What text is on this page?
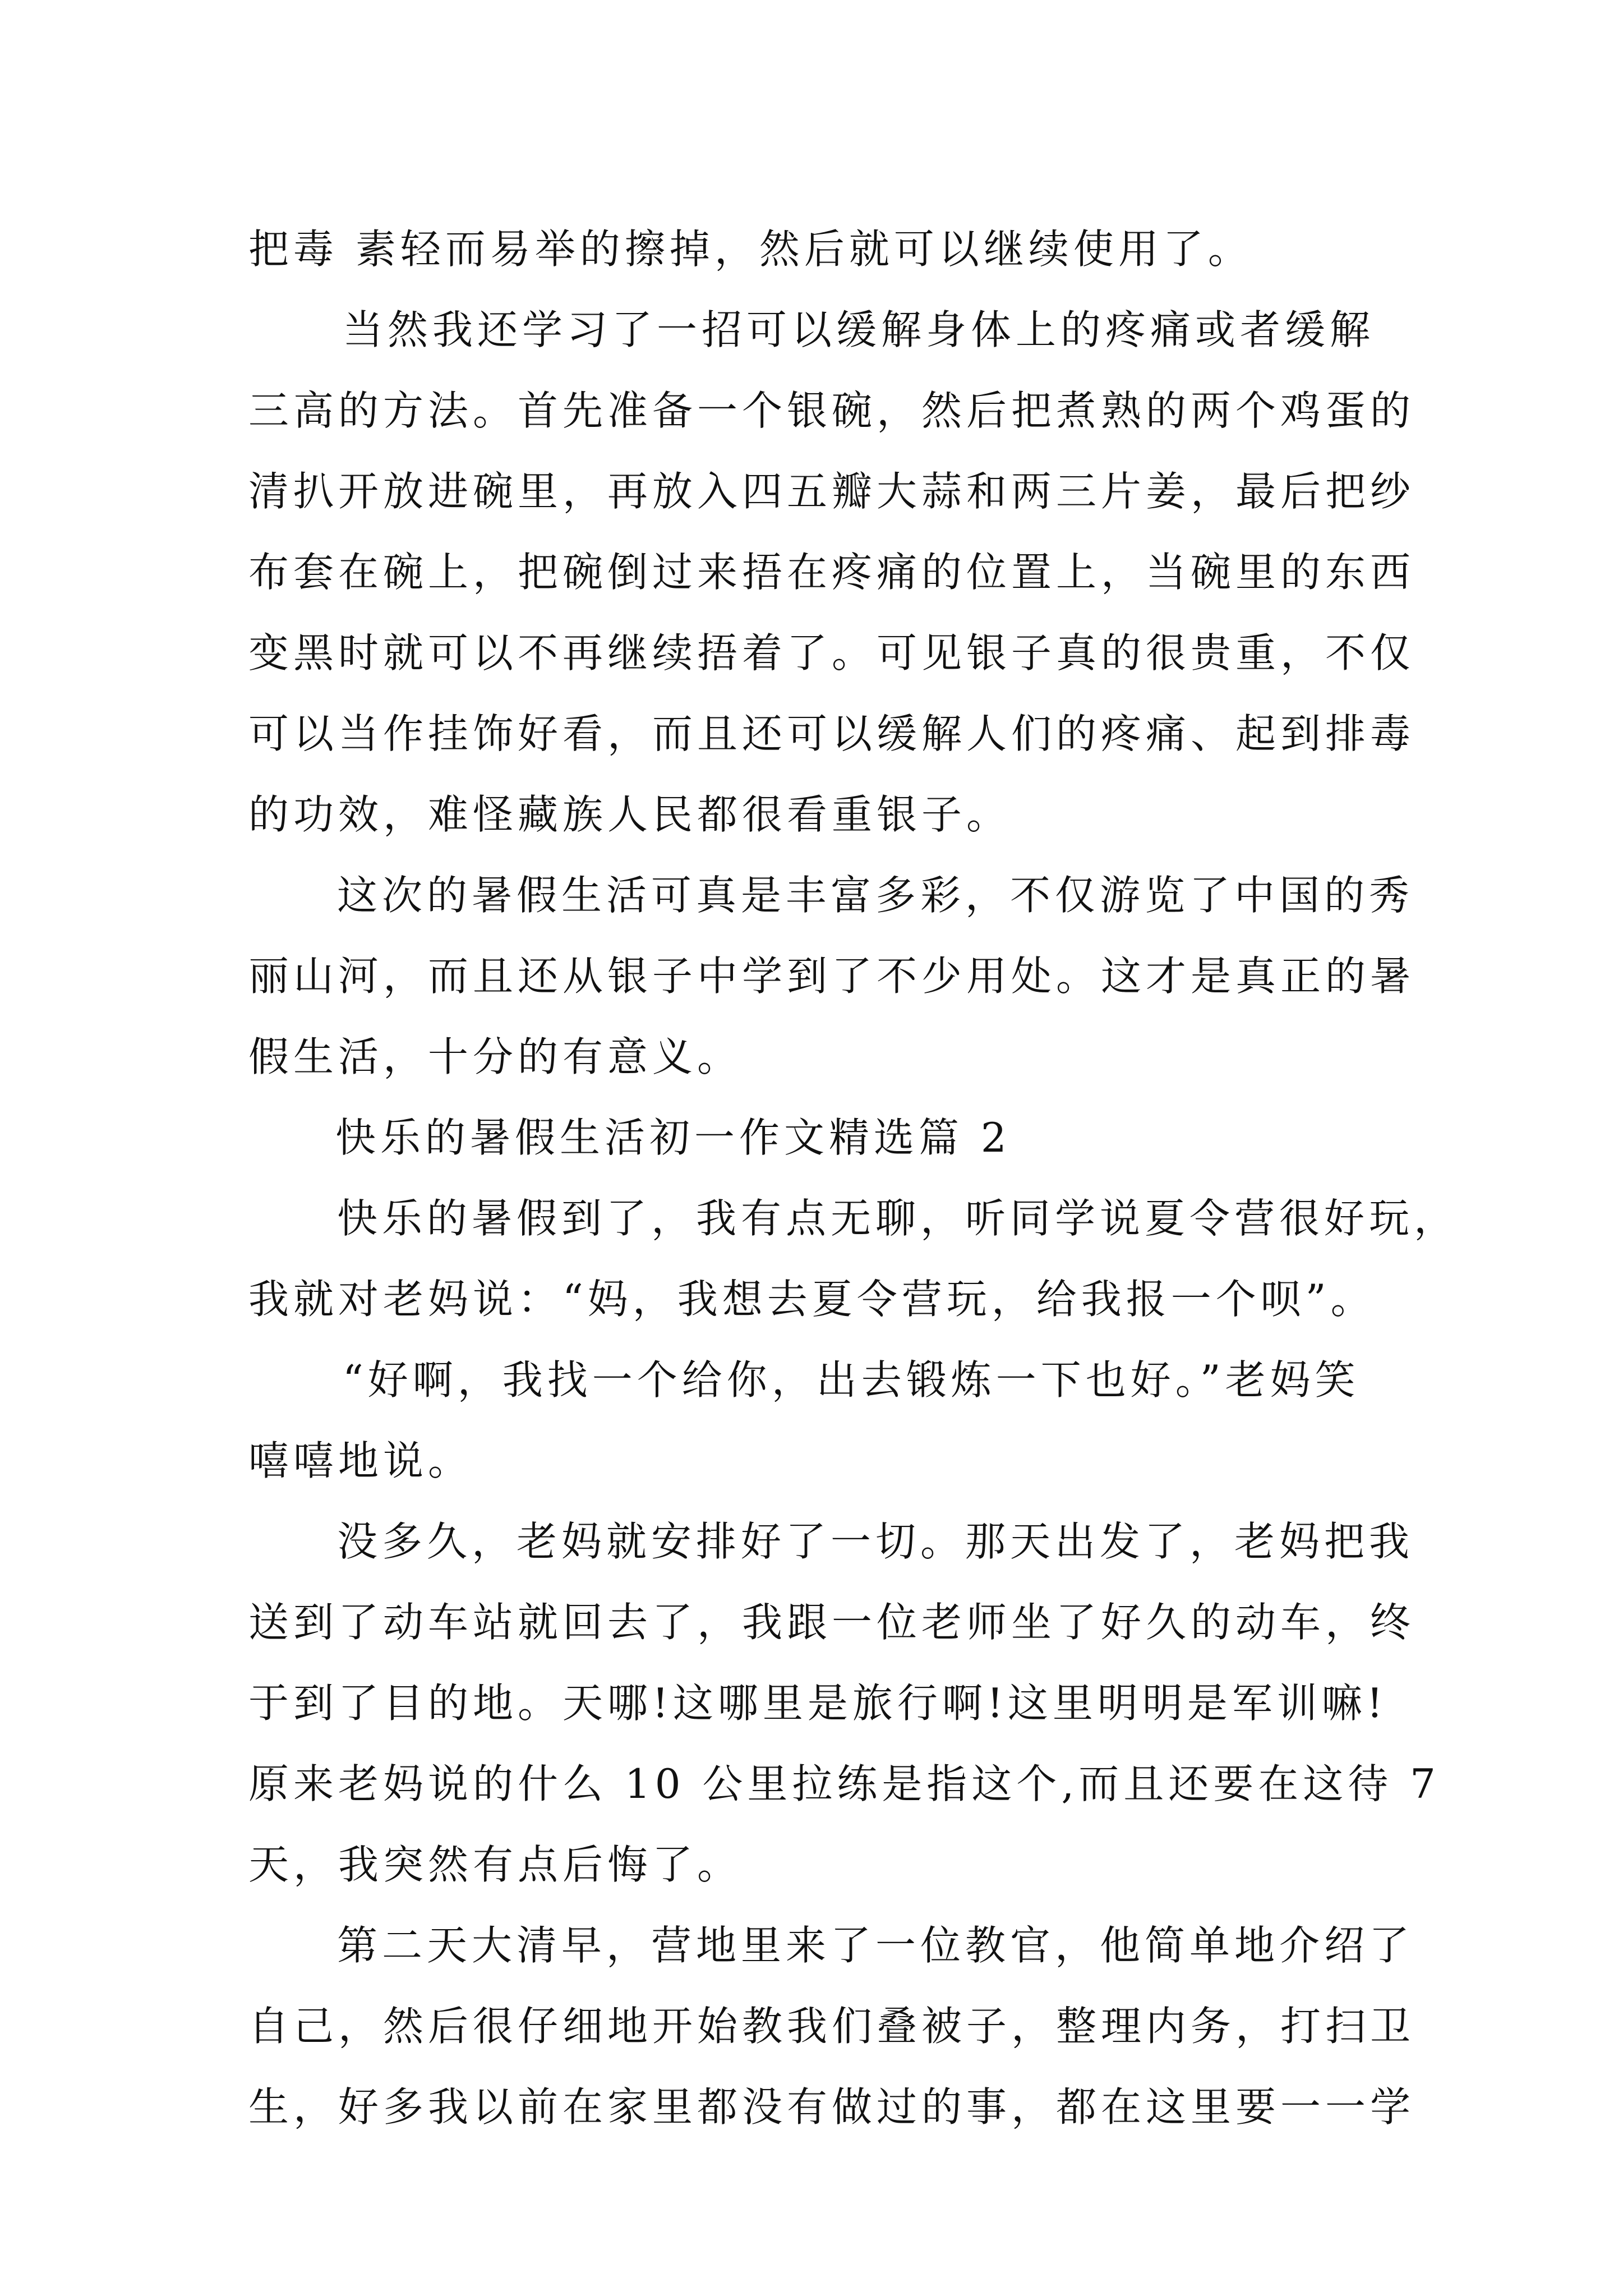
把毒 素轻而易举的擦掉，然后就可以继续使用了。
当然我还学习了一招可以缓解身体上的疼痛或者缓解
三高的方法。首先准备一个银碗，然后把煮熟的两个鸡蛋的
清扒开放进碗里，再放入四五瓣大蒜和两三片姜，最后把纱
布套在碗上，把碗倒过来捂在疼痛的位置上，当碗里的东西
变黑时就可以不再继续捂着了。可见银子真的很贵重，不仅
可以当作挂饰好看，而且还可以缓解人们的疼痛、起到排毒
的功效，难怪藏族人民都很看重银子。
这次的暑假生活可真是丰富多彩，不仅游览了中国的秀
丽山河，而且还从银子中学到了不少用处。这才是真正的暑
假生活，十分的有意义。
快乐的暑假生活初一作文精选篇 2
快乐的暑假到了，我有点无聊，听同学说夏令营很好玩，
我就对老妈说：“妈，我想去夏令营玩，给我报一个呗”。
“好啊，我找一个给你，出去锻炼一下也好。”老妈笑
嘻嘻地说。
没多久，老妈就安排好了一切。那天出发了，老妈把我
送到了动车站就回去了，我跟一位老师坐了好久的动车，终
于到了目的地。天哪!这哪里是旅行啊!这里明明是军训嘛!
原来老妈说的什么 10 公里拉练是指这个,而且还要在这待 7
天，我突然有点后悔了。
第二天大清早，营地里来了一位教官，他简单地介绍了
自己，然后很仔细地开始教我们叠被子，整理内务，打扫卫
生，好多我以前在家里都没有做过的事，都在这里要一一学
